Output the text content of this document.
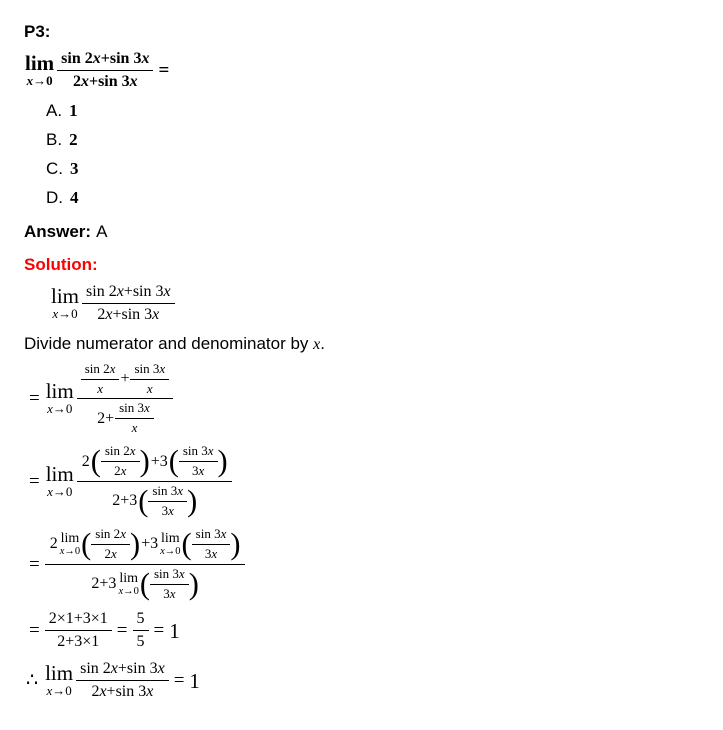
P3:
lim
$x\to 0 \frac{\sin 2x+\sin 3x}{2x+\sin 3x}$ =
A. 1
B. 2
C. 3
D. 4
Answer: A
Solution:
lim
$x\to 0 \frac{\sin 2x+\sin 3x}{2x+\sin 3x}$
Divide numerator and denominator by x.
= lim
$x\to 0 \frac{\frac{\sin 2x}{x} + \frac{\sin 3x}{x}}{2+ \frac{\sin 3x}{x}}$
= lim
x→0
$2( \frac{\sin 2x}{2x} )+3( \frac{\sin 3x}{3x}$ )
$2+3( \frac{\sin 3x}{3x}$ )
=
2 lim
x→0 ( $\frac{\sin 2x}{2x} )+3$ lim
x→0 ( $\frac{\sin 3x}{3x}$ )
2+3 lim
x→0 ( $\frac{\sin 3x}{3x}$ )
= $\frac{2\times 1+3\times 1}{2+3\times 1} = \frac{5}{5} = 1$
∴ lim
$x\to 0 \frac{\sin 2x+\sin 3x}{2x+\sin 3x} = 1$
